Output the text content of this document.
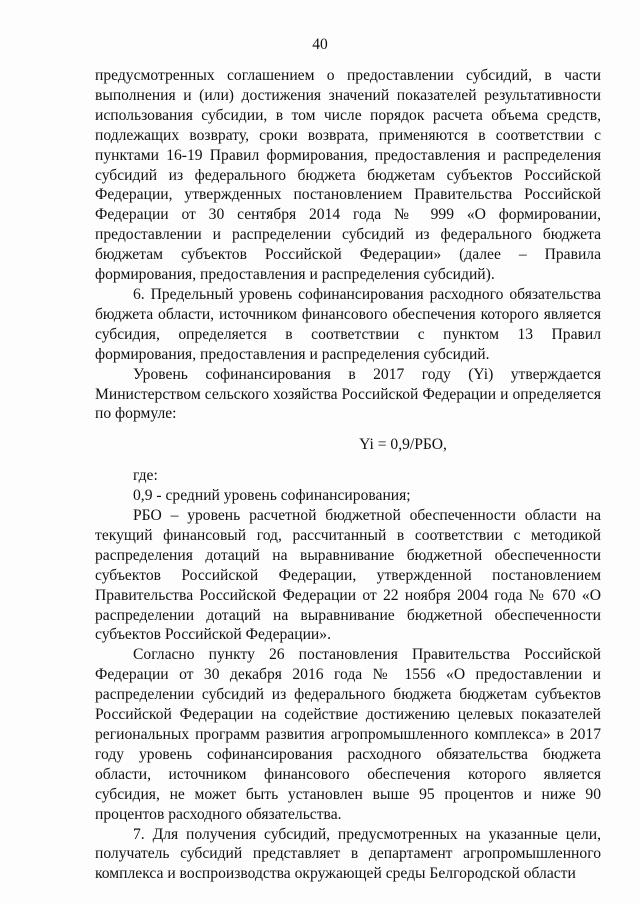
40

предусмотренных соглашением о предоставлении субсидий, в части выполнения и (или) достижения значений показателей результативности использования субсидии, в том числе порядок расчета объема средств, подлежащих возврату, сроки возврата, применяются в соответствии с пунктами 16-19 Правил формирования, предоставления и распределения субсидий из федерального бюджета бюджетам субъектов Российской Федерации, утвержденных постановлением Правительства Российской Федерации от 30 сентября 2014 года № 999 «О формировании, предоставлении и распределении субсидий из федерального бюджета бюджетам субъектов Российской Федерации» (далее – Правила формирования, предоставления и распределения субсидий).

6. Предельный уровень софинансирования расходного обязательства бюджета области, источником финансового обеспечения которого является субсидия, определяется в соответствии с пунктом 13 Правил формирования, предоставления и распределения субсидий.

Уровень софинансирования в 2017 году (Yi) утверждается Министерством сельского хозяйства Российской Федерации и определяется по формуле:

Yi = 0,9/РБО,

где:

0,9 - средний уровень софинансирования;

РБО – уровень расчетной бюджетной обеспеченности области на текущий финансовый год, рассчитанный в соответствии с методикой распределения дотаций на выравнивание бюджетной обеспеченности субъектов Российской Федерации, утвержденной постановлением Правительства Российской Федерации от 22 ноября 2004 года № 670 «О распределении дотаций на выравнивание бюджетной обеспеченности субъектов Российской Федерации».

Согласно пункту 26 постановления Правительства Российской Федерации от 30 декабря 2016 года № 1556 «О предоставлении и распределении субсидий из федерального бюджета бюджетам субъектов Российской Федерации на содействие достижению целевых показателей региональных программ развития агропромышленного комплекса» в 2017 году уровень софинансирования расходного обязательства бюджета области, источником финансового обеспечения которого является субсидия, не может быть установлен выше 95 процентов и ниже 90 процентов расходного обязательства.

7. Для получения субсидий, предусмотренных на указанные цели, получатель субсидий представляет в департамент агропромышленного комплекса и воспроизводства окружающей среды Белгородской области
